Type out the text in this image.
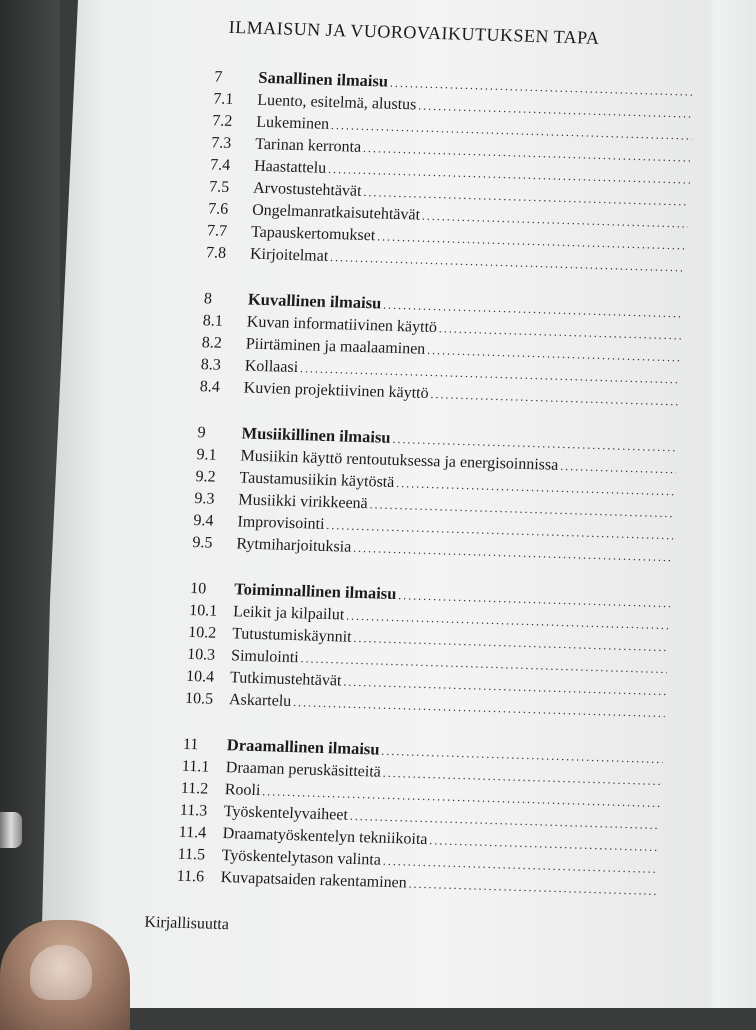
ILMAISUN JA VUOROVAIKUTUKSEN TAPA
7	Sanallinen ilmaisu
.....
7.1	Luento, esitelmä, alustus
.....
7.2	Lukeminen
.....
7.3	Tarinan kerronta
.....
7.4	Haastattelu
.....
7.5	Arvostustehtävät
.....
7.6	Ongelmanratkaisutehtävät
.....
7.7	Tapauskertomukset
.....
7.8	Kirjoitelmat
.....
8	Kuvallinen ilmaisu
.....
8.1	Kuvan informatiivinen käyttö
.....
8.2	Piirtäminen ja maalaaminen
.....
8.3	Kollaasi
.....
8.4	Kuvien projektiivinen käyttö
.....
9	Musiikillinen ilmaisu
.....
9.1	Musiikin käyttö rentoutuksessa ja energisoinnissa
.....
9.2	Taustamusiikin käytöstä
.....
9.3	Musiikki virikkeenä
.....
9.4	Improvisointi
.....
9.5	Rytmiharjoituksia
.....
10	Toiminnallinen ilmaisu
.....
10.1 Leikit ja kilpailut
.....
10.2 Tutustumiskäynnit
.....
10.3 Simulointi
.....
10.4 Tutkimustehtävät
.....
10.5 Askartelu
.....
11	Draamallinen ilmaisu
.....
11.1 Draaman peruskäsitteitä
.....
11.2 Rooli
.....
11.3 Työskentelyvaiheet
.....
11.4 Draamatyöskentelyn tekniikoita
.....
11.5 Työskentelytason valinta
.....
11.6 Kuvapatsaiden rakentaminen
.....
Kirjallisuutta
